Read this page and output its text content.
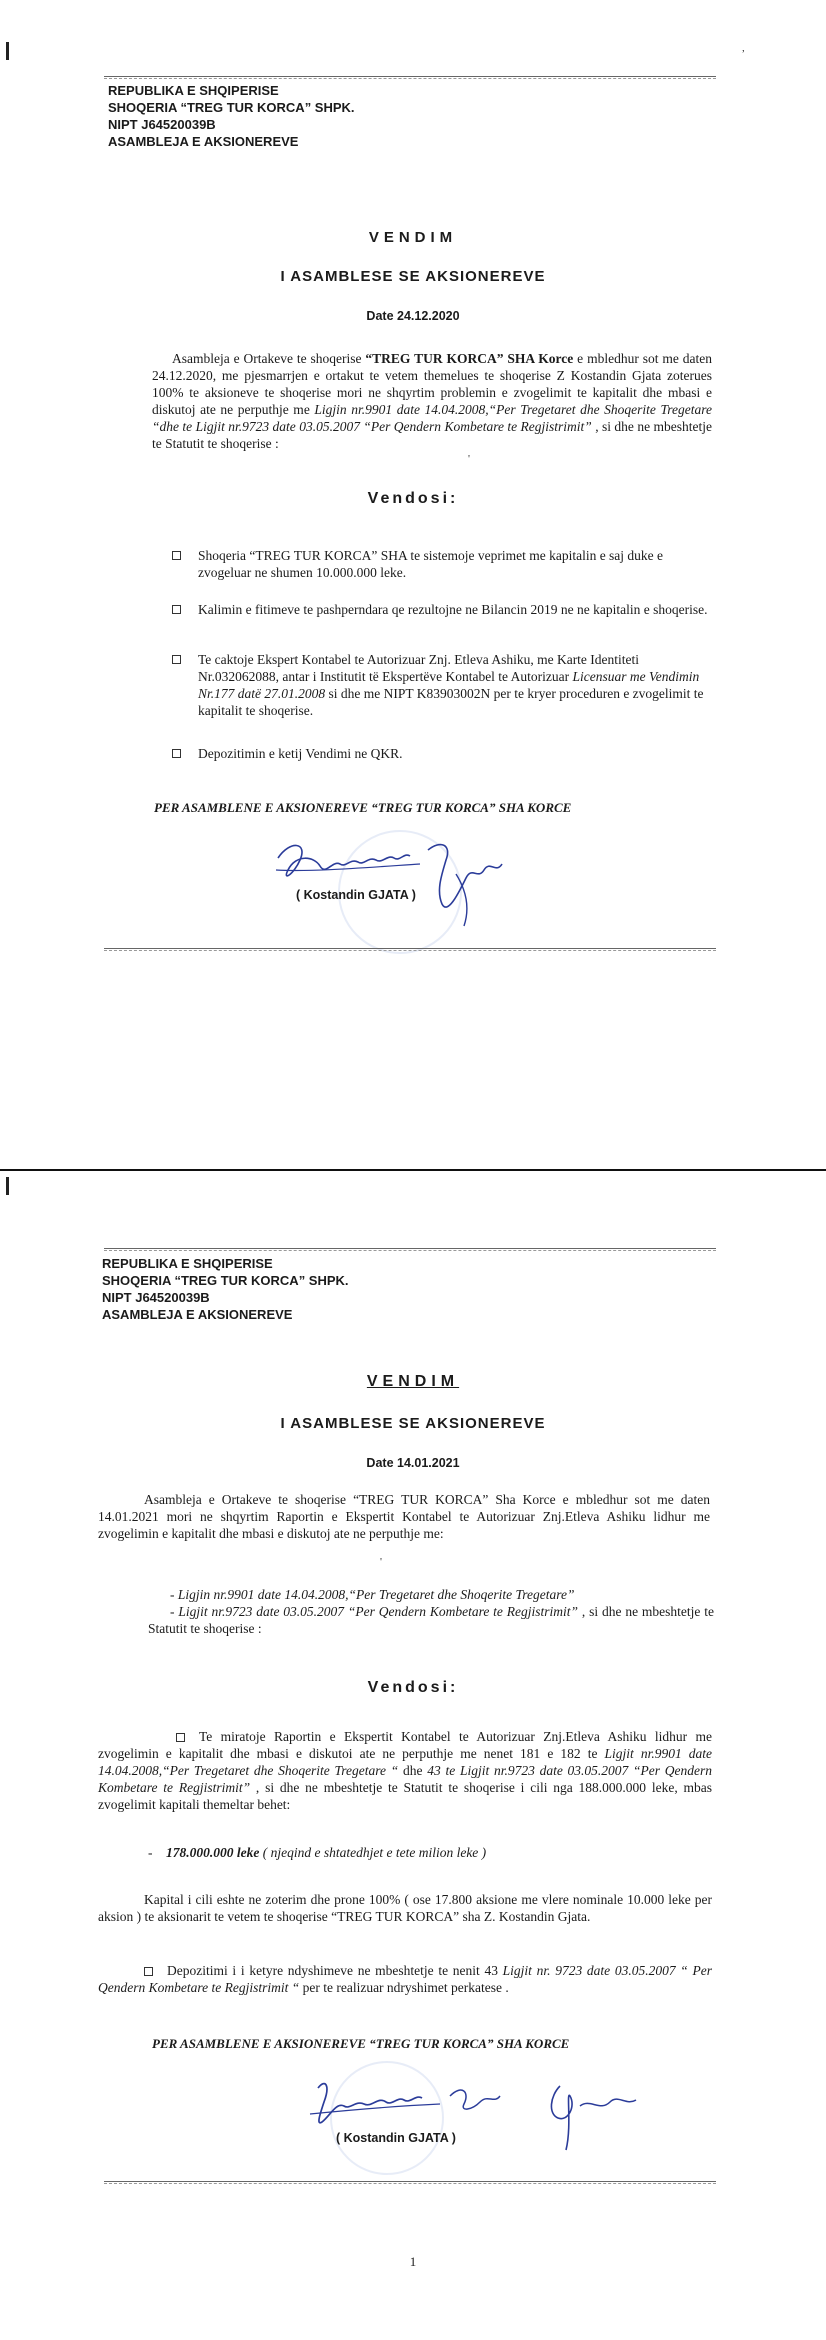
,
REPUBLIKA E SHQIPERISE
SHOQERIA “TREG TUR KORCA” SHPK.
NIPT J64520039B
ASAMBLEJA E AKSIONEREVE
VENDIM
I ASAMBLESE SE AKSIONEREVE
Date 24.12.2020
Asambleja e Ortakeve te shoqerise “TREG TUR KORCA” SHA Korce e mbledhur sot me daten 24.12.2020, me pjesmarrjen e ortakut te vetem themelues te shoqerise Z Kostandin Gjata zoterues 100% te aksioneve te shoqerise mori ne shqyrtim problemin e zvogelimit te kapitalit dhe mbasi e diskutoj ate ne perputhje me Ligjin nr.9901 date 14.04.2008,“Per Tregetaret dhe Shoqerite Tregetare “dhe te Ligjit nr.9723 date 03.05.2007 “Per Qendern Kombetare te Regjistrimit” , si dhe ne mbeshtetje te Statutit te shoqerise :
'
Vendosi:
Shoqeria “TREG TUR KORCA” SHA te sistemoje veprimet me kapitalin e saj duke e zvogeluar ne shumen 10.000.000 leke.
Kalimin e fitimeve te pashperndara qe rezultojne ne Bilancin 2019 ne ne kapitalin e shoqerise.
Te caktoje Ekspert Kontabel te Autorizuar Znj. Etleva Ashiku, me Karte Identiteti Nr.032062088, antar i Institutit të Ekspertëve Kontabel te Autorizuar Licensuar me Vendimin Nr.177 datë 27.01.2008 si dhe me NIPT K83903002N per te kryer proceduren e zvogelimit te kapitalit te shoqerise.
Depozitimin e ketij Vendimi ne QKR.
PER ASAMBLENE E AKSIONEREVE “TREG TUR KORCA” SHA KORCE
( Kostandin GJATA )
REPUBLIKA E SHQIPERISE
SHOQERIA “TREG TUR KORCA” SHPK.
NIPT J64520039B
ASAMBLEJA E AKSIONEREVE
VENDIM
I ASAMBLESE SE AKSIONEREVE
Date 14.01.2021
Asambleja e Ortakeve te shoqerise “TREG TUR KORCA” Sha Korce e mbledhur sot me daten 14.01.2021 mori ne shqyrtim Raportin e Ekspertit Kontabel te Autorizuar Znj.Etleva Ashiku lidhur me zvogelimin e kapitalit dhe mbasi e diskutoj ate ne perputhje me:
'
- Ligjin nr.9901 date 14.04.2008,“Per Tregetaret dhe Shoqerite Tregetare”
- Ligjit nr.9723 date 03.05.2007 “Per Qendern Kombetare te Regjistrimit” , si dhe ne mbeshtetje te Statutit te shoqerise :
Vendosi:
Te miratoje Raportin e Ekspertit Kontabel te Autorizuar Znj.Etleva Ashiku lidhur me zvogelimin e kapitalit dhe mbasi e diskutoi ate ne perputhje me nenet 181 e 182 te Ligjit nr.9901 date 14.04.2008,“Per Tregetaret dhe Shoqerite Tregetare “ dhe 43 te Ligjit nr.9723 date 03.05.2007 “Per Qendern Kombetare te Regjistrimit” , si dhe ne mbeshtetje te Statutit te shoqerise i cili nga 188.000.000 leke, mbas zvogelimit kapitali themeltar behet:
-    178.000.000 leke ( njeqind e shtatedhjet e tete milion leke )
Kapital i cili eshte ne zoterim dhe prone 100% ( ose 17.800 aksione me vlere nominale 10.000 leke per aksion ) te aksionarit te vetem te shoqerise “TREG TUR KORCA” sha Z. Kostandin Gjata.
Depozitimi i i ketyre ndyshimeve ne mbeshtetje te nenit 43 Ligjit nr. 9723 date 03.05.2007 “ Per Qendern Kombetare te Regjistrimit “ per te realizuar ndryshimet perkatese .
PER ASAMBLENE E AKSIONEREVE “TREG TUR KORCA” SHA KORCE
( Kostandin GJATA )
1
